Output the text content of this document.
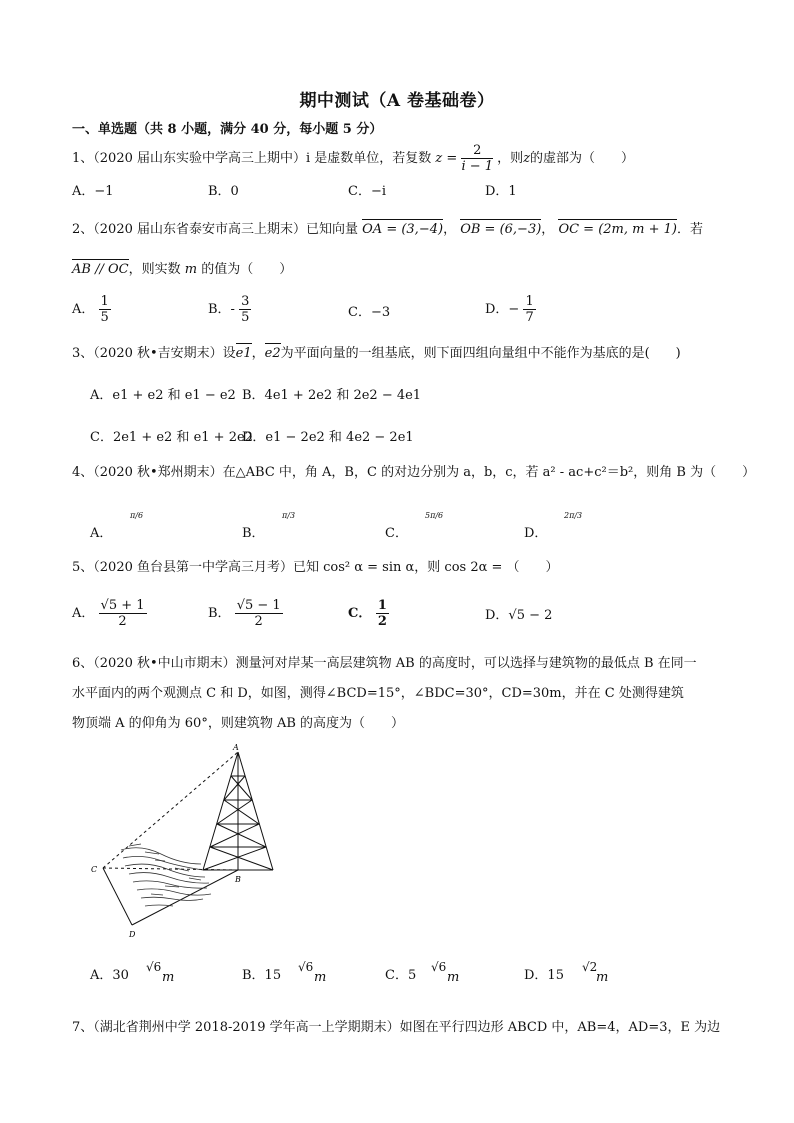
期中测试（A 卷基础卷）
一、单选题（共 8 小题，满分 40 分，每小题 5 分）
1、（2020 届山东实验中学高三上期中）i 是虚数单位，若复数 $z = \frac{2}{i - 1}$ ，则z的虚部为（　　）
A．−1	B．0	C．−i	D．1
2、（2020 届山东省泰安市高三上期末）已知向量 OA = (3,−4)， OB = (6,−3)， OC = (2m, m + 1)．若
AB // OC，则实数 m 的值为（　　）
A． $\frac{1}{5}$	B．- $\frac{3}{5}$	C．−3	D．− $\frac{1}{7}$
3、（2020 秋•吉安期末）设e1，e2为平面向量的一组基底，则下面四组向量组中不能作为基底的是(　　)
A．e1 + e2 和 e1 − e2 B．4e1 + 2e2 和 2e2 − 4e1
C．2e1 + e2 和 e1 + 2e2
D．e1 − 2e2 和 4e2 − 2e1
4、（2020 秋•郑州期末）在△ABC 中，角 A，B，C 的对边分别为 a，b，c，若 a² - ac+c²＝b²，则角 B 为（　　）
A．
π/6
B．
π/3
C．
5π/6
D．
2π/3
5、（2020 鱼台县第一中学高三月考）已知 cos² α = sin α，则 cos 2α = （　　）
A． $\frac{√5 + 1}{2}$	B． $\frac{√5 - 1}{2}$	C． $\frac{1}{2}$	D．√5 − 2
6、（2020 秋•中山市期末）测量河对岸某一高层建筑物 AB 的高度时，可以选择与建筑物的最低点 B 在同一
水平面内的两个观测点 C 和 D，如图，测得∠BCD=15°，∠BDC=30°，CD=30m，并在 C 处测得建筑
物顶端 A 的仰角为 60°，则建筑物 AB 的高度为（　　）
A
B
C
D
A．30
√6
m	B．15
√6
m	C．5
√6
m	D．15
√2
m
7、（湖北省荆州中学 2018-2019 学年高一上学期期末）如图在平行四边形 ABCD 中，AB=4，AD=3，E 为边
